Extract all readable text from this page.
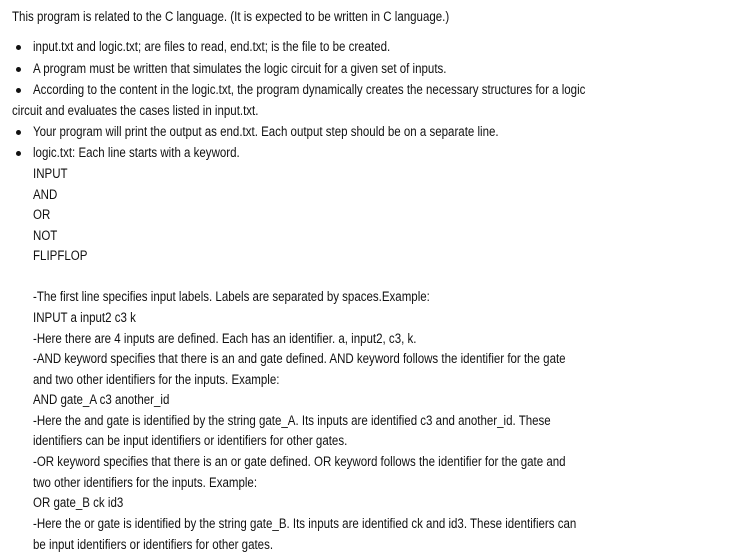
This program is related to the C language. (It is expected to be written in C language.)
input.txt and logic.txt; are files to read, end.txt; is the file to be created.
A program must be written that simulates the logic circuit for a given set of inputs.
According to the content in the logic.txt, the program dynamically creates the necessary structures for a logic
circuit and evaluates the cases listed in input.txt.
Your program will print the output as end.txt. Each output step should be on a separate line.
logic.txt: Each line starts with a keyword.
INPUT
AND
OR
NOT
FLIPFLOP
-The first line specifies input labels. Labels are separated by spaces.Example:
INPUT a input2 c3 k
-Here there are 4 inputs are defined. Each has an identifier. a, input2, c3, k.
-AND keyword specifies that there is an and gate defined. AND keyword follows the identifier for the gate
and two other identifiers for the inputs. Example:
AND gate_A c3 another_id
-Here the and gate is identified by the string gate_A. Its inputs are identified c3 and another_id. These
identifiers can be input identifiers or identifiers for other gates.
-OR keyword specifies that there is an or gate defined. OR keyword follows the identifier for the gate and
two other identifiers for the inputs. Example:
OR gate_B ck id3
-Here the or gate is identified by the string gate_B. Its inputs are identified ck and id3. These identifiers can
be input identifiers or identifiers for other gates.
